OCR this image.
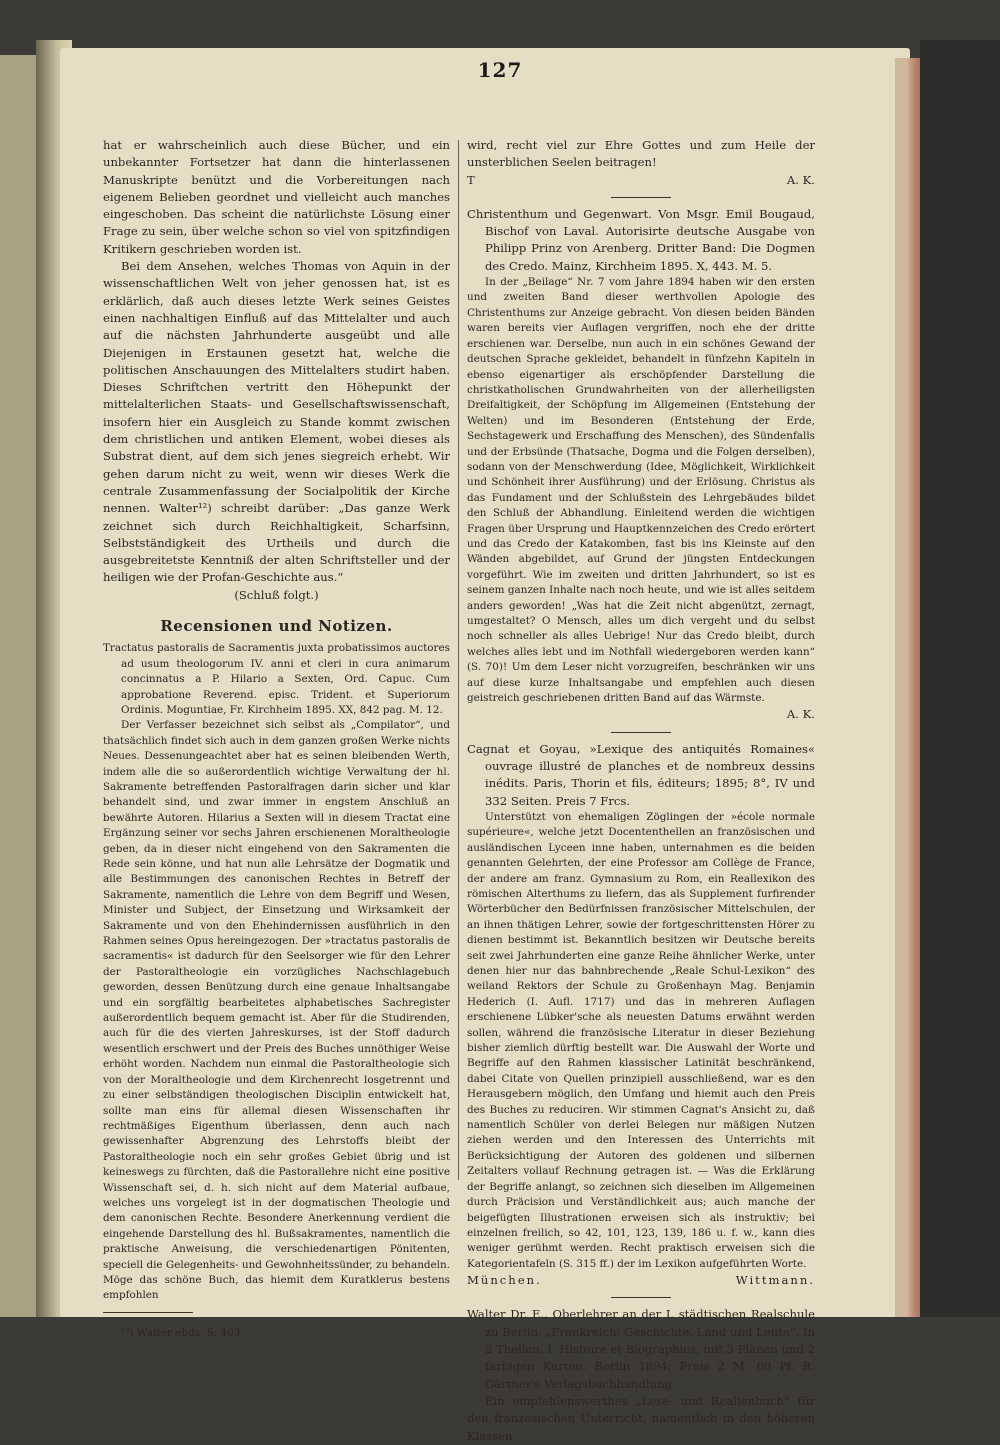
127

hat er wahrscheinlich auch diese Bücher, und ein unbekannter Fortsetzer hat dann die hinterlassenen Manuskripte benützt und die Vorbereitungen nach eigenem Belieben geordnet und vielleicht auch manches eingeschoben. Das scheint die natürlichste Lösung einer Frage zu sein, über welche schon so viel von spitzfindigen Kritikern geschrieben worden ist.

Bei dem Ansehen, welches Thomas von Aquin in der wissenschaftlichen Welt von jeher genossen hat, ist es erklärlich, daß auch dieses letzte Werk seines Geistes einen nachhaltigen Einfluß auf das Mittelalter und auch auf die nächsten Jahrhunderte ausgeübt und alle Diejenigen in Erstaunen gesetzt hat, welche die politischen Anschauungen des Mittelalters studirt haben. Dieses Schriftchen vertritt den Höhepunkt der mittelalterlichen Staats- und Gesellschaftswissenschaft, insofern hier ein Ausgleich zu Stande kommt zwischen dem christlichen und antiken Element, wobei dieses als Substrat dient, auf dem sich jenes siegreich erhebt. Wir gehen darum nicht zu weit, wenn wir dieses Werk die centrale Zusammenfassung der Socialpolitik der Kirche nennen. Walter¹²) schreibt darüber: „Das ganze Werk zeichnet sich durch Reichhaltigkeit, Scharfsinn, Selbstständigkeit des Urtheils und durch die ausgebreitetste Kenntniß der alten Schriftsteller und der heiligen wie der Profan-Geschichte aus.“

(Schluß folgt.)

Recensionen und Notizen.

Tractatus pastoralis de Sacramentis juxta probatissimos auctores ad usum theologorum IV. anni et cleri in cura animarum concinnatus a P. Hilario a Sexten, Ord. Capuc. Cum approbatione Reverend. episc. Trident. et Superiorum Ordinis. Moguntiae, Fr. Kirchheim 1895. XX, 842 pag. M. 12.

Der Verfasser bezeichnet sich selbst als „Compilator“, und thatsächlich findet sich auch in dem ganzen großen Werke nichts Neues. Dessenungeachtet aber hat es seinen bleibenden Werth, indem alle die so außerordentlich wichtige Verwaltung der hl. Sakramente betreffenden Pastoralfragen darin sicher und klar behandelt sind, und zwar immer in engstem Anschluß an bewährte Autoren. Hilarius a Sexten will in diesem Tractat eine Ergänzung seiner vor sechs Jahren erschienenen Moraltheologie geben, da in dieser nicht eingehend von den Sakramenten die Rede sein könne, und hat nun alle Lehrsätze der Dogmatik und alle Bestimmungen des canonischen Rechtes in Betreff der Sakramente, namentlich die Lehre von dem Begriff und Wesen, Minister und Subject, der Einsetzung und Wirksamkeit der Sakramente und von den Ehehindernissen ausführlich in den Rahmen seines Opus hereingezogen. Der »tractatus pastoralis de sacramentis« ist dadurch für den Seelsorger wie für den Lehrer der Pastoraltheologie ein vorzügliches Nachschlagebuch geworden, dessen Benützung durch eine genaue Inhaltsangabe und ein sorgfältig bearbeitetes alphabetisches Sachregister außerordentlich bequem gemacht ist. Aber für die Studirenden, auch für die des vierten Jahreskurses, ist der Stoff dadurch wesentlich erschwert und der Preis des Buches unnöthiger Weise erhöht worden. Nachdem nun einmal die Pastoraltheologie sich von der Moraltheologie und dem Kirchenrecht losgetrennt und zu einer selbständigen theologischen Disciplin entwickelt hat, sollte man eins für allemal diesen Wissenschaften ihr rechtmäßiges Eigenthum überlassen, denn auch nach gewissenhafter Abgrenzung des Lehrstoffs bleibt der Pastoraltheologie noch ein sehr großes Gebiet übrig und ist keineswegs zu fürchten, daß die Pastorallehre nicht eine positive Wissenschaft sei, d. h. sich nicht auf dem Material aufbaue, welches uns vorgelegt ist in der dogmatischen Theologie und dem canonischen Rechte. Besondere Anerkennung verdient die eingehende Darstellung des hl. Bußsakramentes, namentlich die praktische Anweisung, die verschiedenartigen Pönitenten, speciell die Gelegenheits- und Gewohnheitssünder, zu behandeln. Möge das schöne Buch, das hiemit dem Kuratklerus bestens empfohlen

¹²) Walter ebds. S. 403.

wird, recht viel zur Ehre Gottes und zum Heile der unsterblichen Seelen beitragen!

T	A. K.

Christenthum und Gegenwart. Von Msgr. Emil Bougaud, Bischof von Laval. Autorisirte deutsche Ausgabe von Philipp Prinz von Arenberg. Dritter Band: Die Dogmen des Credo. Mainz, Kirchheim 1895. X, 443. M. 5.

In der „Beilage“ Nr. 7 vom Jahre 1894 haben wir den ersten und zweiten Band dieser werthvollen Apologie des Christenthums zur Anzeige gebracht. Von diesen beiden Bänden waren bereits vier Auflagen vergriffen, noch ehe der dritte erschienen war. Derselbe, nun auch in ein schönes Gewand der deutschen Sprache gekleidet, behandelt in fünfzehn Kapiteln in ebenso eigenartiger als erschöpfender Darstellung die christkatholischen Grundwahrheiten von der allerheiligsten Dreifaltigkeit, der Schöpfung im Allgemeinen (Entstehung der Welten) und im Besonderen (Entstehung der Erde, Sechstagewerk und Erschaffung des Menschen), des Sündenfalls und der Erbsünde (Thatsache, Dogma und die Folgen derselben), sodann von der Menschwerdung (Idee, Möglichkeit, Wirklichkeit und Schönheit ihrer Ausführung) und der Erlösung. Christus als das Fundament und der Schlußstein des Lehrgebäudes bildet den Schluß der Abhandlung. Einleitend werden die wichtigen Fragen über Ursprung und Hauptkennzeichen des Credo erörtert und das Credo der Katakomben, fast bis ins Kleinste auf den Wänden abgebildet, auf Grund der jüngsten Entdeckungen vorgeführt. Wie im zweiten und dritten Jahrhundert, so ist es seinem ganzen Inhalte nach noch heute, und wie ist alles seitdem anders geworden! „Was hat die Zeit nicht abgenützt, zernagt, umgestaltet? O Mensch, alles um dich vergeht und du selbst noch schneller als alles Uebrige! Nur das Credo bleibt, durch welches alles lebt und im Nothfall wiedergeboren werden kann“ (S. 70)! Um dem Leser nicht vorzugreifen, beschränken wir uns auf diese kurze Inhaltsangabe und empfehlen auch diesen geistreich geschriebenen dritten Band auf das Wärmste.

A. K.

Cagnat et Goyau, »Lexique des antiquités Romaines« ouvrage illustré de planches et de nombreux dessins inédits. Paris, Thorin et fils, éditeurs; 1895; 8°, IV und 332 Seiten. Preis 7 Frcs.

Unterstützt von ehemaligen Zöglingen der »école normale supérieure«, welche jetzt Docententhellen an französischen und ausländischen Lyceen inne haben, unternahmen es die beiden genannten Gelehrten, der eine Professor am Collège de France, der andere am franz. Gymnasium zu Rom, ein Reallexikon des römischen Alterthums zu liefern, das als Supplement furfirender Wörterbücher den Bedürfnissen französischer Mittelschulen, der an ihnen thätigen Lehrer, sowie der fortgeschrittensten Hörer zu dienen bestimmt ist. Bekanntlich besitzen wir Deutsche bereits seit zwei Jahrhunderten eine ganze Reihe ähnlicher Werke, unter denen hier nur das bahnbrechende „Reale Schul-Lexikon“ des weiland Rektors der Schule zu Großenhayn Mag. Benjamin Hederich (I. Aufl. 1717) und das in mehreren Auflagen erschienene Lübker'sche als neuesten Datums erwähnt werden sollen, während die französische Literatur in dieser Beziehung bisher ziemlich dürftig bestellt war. Die Auswahl der Worte und Begriffe auf den Rahmen klassischer Latinität beschränkend, dabei Citate von Quellen prinzipiell ausschließend, war es den Herausgebern möglich, den Umfang und hiemit auch den Preis des Buches zu reduciren. Wir stimmen Cagnat's Ansicht zu, daß namentlich Schüler von derlei Belegen nur mäßigen Nutzen ziehen werden und den Interessen des Unterrichts mit Berücksichtigung der Autoren des goldenen und silbernen Zeitalters vollauf Rechnung getragen ist. — Was die Erklärung der Begriffe anlangt, so zeichnen sich dieselben im Allgemeinen durch Präcision und Verständlichkeit aus; auch manche der beigefügten Illustrationen erweisen sich als instruktiv; bei einzelnen freilich, so 42, 101, 123, 139, 186 u. f. w., kann dies weniger gerühmt werden. Recht praktisch erweisen sich die Kategorientafeln (S. 315 ff.) der im Lexikon aufgeführten Worte.

München.	Wittmann.

Walter Dr. E., Oberlehrer an der I. städtischen Realschule zu Berlin, „Frankreich; Geschichte, Land und Leute“. In 2 Theilen. I. Histoire et Biographies, mit 3 Plänen und 2 farbigen Karten. Berlin 1894; Preis 2 M. 60 Pf. R. Gärtner's Verlagsbuchhandlung.

Ein empfehlenswerthes „Lese- und Realienbuch“ für den französischen Unterricht, namentlich in den höheren Klassen
